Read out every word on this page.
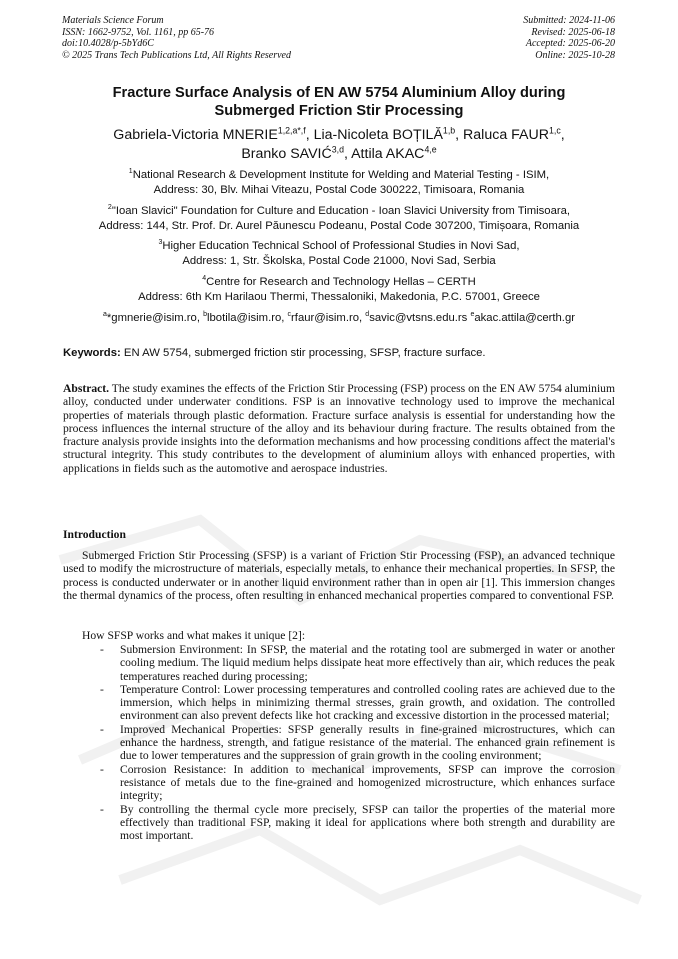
Materials Science Forum
ISSN: 1662-9752, Vol. 1161, pp 65-76
doi:10.4028/p-5bYd6C
© 2025 Trans Tech Publications Ltd, All Rights Reserved
Submitted: 2024-11-06
Revised: 2025-06-18
Accepted: 2025-06-20
Online: 2025-10-28
Fracture Surface Analysis of EN AW 5754 Aluminium Alloy during
Submerged Friction Stir Processing
Gabriela-Victoria $MNERIE^{1,2,a*,f}$, Lia-Nicoleta BOȚILĂ$^{1,b}$, Raluca FAUR$^{1,c}$,
Branko SAVIĆ$^{3,d}$, Attila AKAC$^{4,e}$
$^1$National Research & Development Institute for Welding and Material Testing - ISIM,
Address: 30, Blv. Mihai Viteazu, Postal Code 300222, Timisoara, Romania
$^2$"Ioan Slavici" Foundation for Culture and Education - Ioan Slavici University from Timisoara,
Address: 144, Str. Prof. Dr. Aurel Păunescu Podeanu, Postal Code 307200, Timișoara, Romania
$^3$Higher Education Technical School of Professional Studies in Novi Sad,
Address: 1, Str. Školska, Postal Code 21000, Novi Sad, Serbia
$^4$Centre for Research and Technology Hellas – CERTH
Address: 6th Km Harilaou Thermi, Thessaloniki, Makedonia, P.C. 57001, Greece
$^a$*gmnerie@isim.ro, $^b$lbotila@isim.ro, $^c$rfaur@isim.ro, $^d$savic@vtsns.edu.rs $^e$akac.attila@certh.gr
Keywords: EN AW 5754, submerged friction stir processing, SFSP, fracture surface.

Abstract. The study examines the effects of the Friction Stir Processing (FSP) process on the EN AW 5754 aluminium alloy, conducted under underwater conditions. FSP is an innovative technology used to improve the mechanical properties of materials through plastic deformation. Fracture surface analysis is essential for understanding how the process influences the internal structure of the alloy and its behaviour during fracture. The results obtained from the fracture analysis provide insights into the deformation mechanisms and how processing conditions affect the material's structural integrity. This study contributes to the development of aluminium alloys with enhanced properties, with applications in fields such as the automotive and aerospace industries.

Introduction

Submerged Friction Stir Processing (SFSP) is a variant of Friction Stir Processing (FSP), an advanced technique used to modify the microstructure of materials, especially metals, to enhance their mechanical properties. In SFSP, the process is conducted underwater or in another liquid environment rather than in open air [1]. This immersion changes the thermal dynamics of the process, often resulting in enhanced mechanical properties compared to conventional FSP.

How SFSP works and what makes it unique [2]:

- Submersion Environment: In SFSP, the material and the rotating tool are submerged in water or another cooling medium. The liquid medium helps dissipate heat more effectively than air, which reduces the peak temperatures reached during processing;
- Temperature Control: Lower processing temperatures and controlled cooling rates are achieved due to the immersion, which helps in minimizing thermal stresses, grain growth, and oxidation. The controlled environment can also prevent defects like hot cracking and excessive distortion in the processed material;
- Improved Mechanical Properties: SFSP generally results in fine-grained microstructures, which can enhance the hardness, strength, and fatigue resistance of the material. The enhanced grain refinement is due to lower temperatures and the suppression of grain growth in the cooling environment;
- Corrosion Resistance: In addition to mechanical improvements, SFSP can improve the corrosion resistance of metals due to the fine-grained and homogenized microstructure, which enhances surface integrity;
- By controlling the thermal cycle more precisely, SFSP can tailor the properties of the material more effectively than traditional FSP, making it ideal for applications where both strength and durability are most important.
